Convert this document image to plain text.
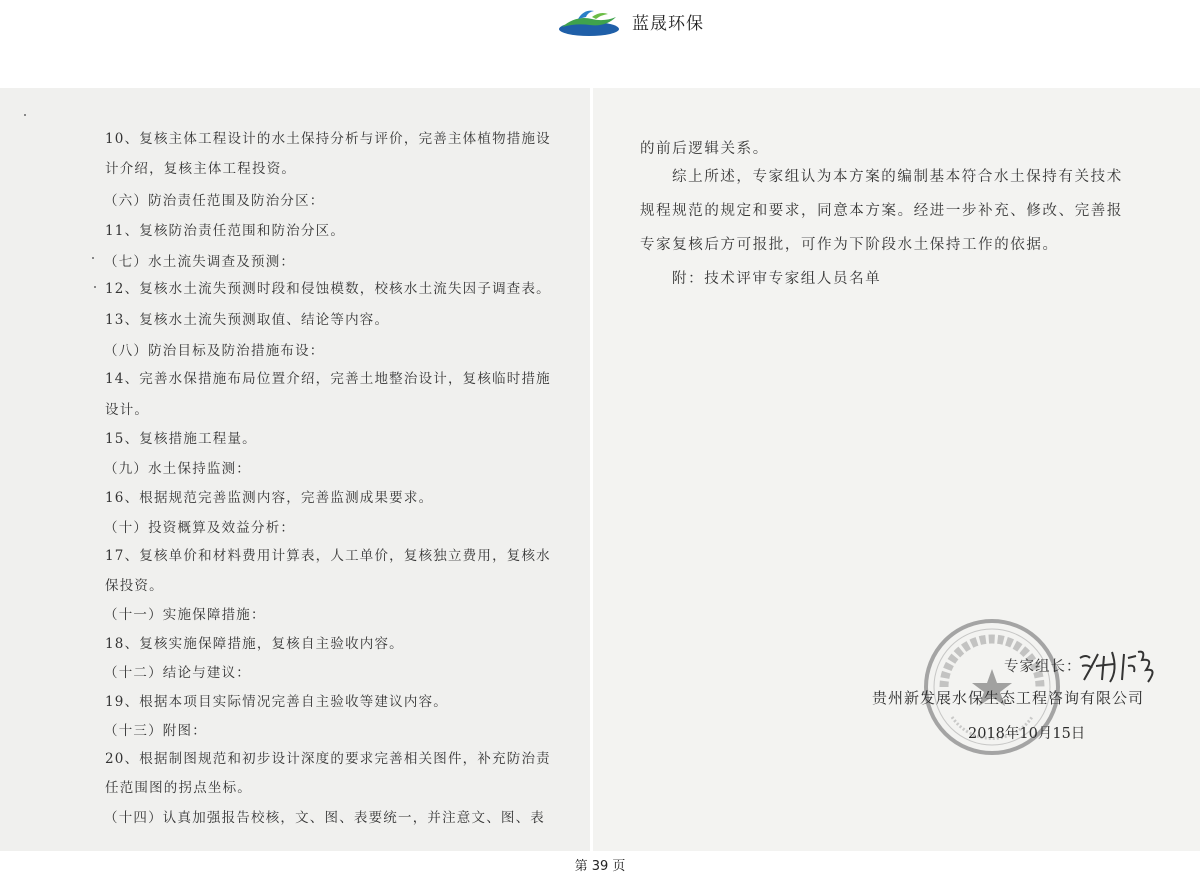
蓝晟环保
10、复核主体工程设计的水土保持分析与评价，完善主体植物措施设
计介绍，复核主体工程投资。
（六）防治责任范围及防治分区：
11、复核防治责任范围和防治分区。
（七）水土流失调查及预测：
12、复核水土流失预测时段和侵蚀模数，校核水土流失因子调查表。
13、复核水土流失预测取值、结论等内容。
（八）防治目标及防治措施布设：
14、完善水保措施布局位置介绍，完善土地整治设计，复核临时措施
设计。
15、复核措施工程量。
（九）水土保持监测：
16、根据规范完善监测内容，完善监测成果要求。
（十）投资概算及效益分析：
17、复核单价和材料费用计算表，人工单价，复核独立费用，复核水
保投资。
（十一）实施保障措施：
18、复核实施保障措施，复核自主验收内容。
（十二）结论与建议：
19、根据本项目实际情况完善自主验收等建议内容。
（十三）附图：
20、根据制图规范和初步设计深度的要求完善相关图件，补充防治责
任范围图的拐点坐标。
（十四）认真加强报告校核，文、图、表要统一，并注意文、图、表
的前后逻辑关系。
综上所述，专家组认为本方案的编制基本符合水土保持有关技术
规程规范的规定和要求，同意本方案。经进一步补充、修改、完善报
专家复核后方可报批，可作为下阶段水土保持工作的依据。
附：技术评审专家组人员名单
专家组长：
贵州新发展水保生态工程咨询有限公司
2018年10月15日
第 39 页
